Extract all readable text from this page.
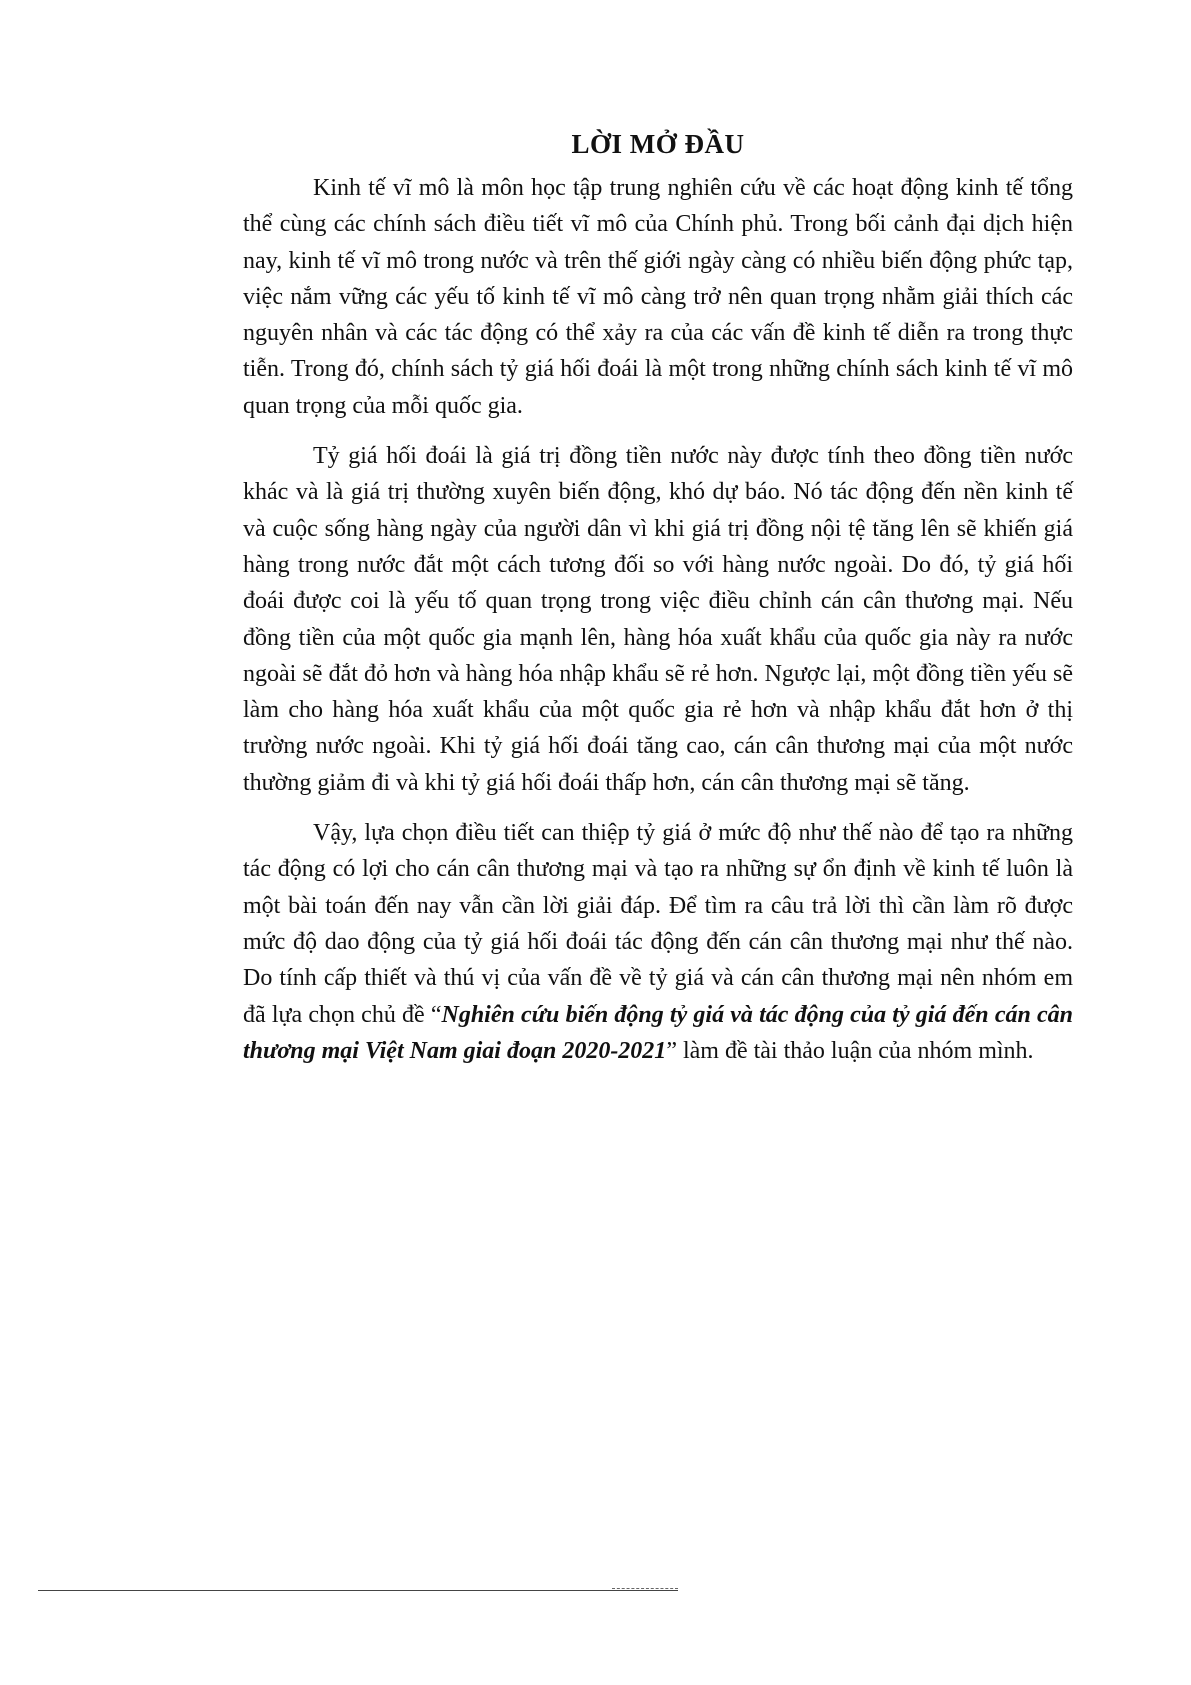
LỜI MỞ ĐẦU

Kinh tế vĩ mô là môn học tập trung nghiên cứu về các hoạt động kinh tế tổng thể cùng các chính sách điều tiết vĩ mô của Chính phủ. Trong bối cảnh đại dịch hiện nay, kinh tế vĩ mô trong nước và trên thế giới ngày càng có nhiều biến động phức tạp, việc nắm vững các yếu tố kinh tế vĩ mô càng trở nên quan trọng nhằm giải thích các nguyên nhân và các tác động có thể xảy ra của các vấn đề kinh tế diễn ra trong thực tiễn. Trong đó, chính sách tỷ giá hối đoái là một trong những chính sách kinh tế vĩ mô quan trọng của mỗi quốc gia.

Tỷ giá hối đoái là giá trị đồng tiền nước này được tính theo đồng tiền nước khác và là giá trị thường xuyên biến động, khó dự báo. Nó tác động đến nền kinh tế và cuộc sống hàng ngày của người dân vì khi giá trị đồng nội tệ tăng lên sẽ khiến giá hàng trong nước đắt một cách tương đối so với hàng nước ngoài. Do đó, tỷ giá hối đoái được coi là yếu tố quan trọng trong việc điều chỉnh cán cân thương mại. Nếu đồng tiền của một quốc gia mạnh lên, hàng hóa xuất khẩu của quốc gia này ra nước ngoài sẽ đắt đỏ hơn và hàng hóa nhập khẩu sẽ rẻ hơn. Ngược lại, một đồng tiền yếu sẽ làm cho hàng hóa xuất khẩu của một quốc gia rẻ hơn và nhập khẩu đắt hơn ở thị trường nước ngoài. Khi tỷ giá hối đoái tăng cao, cán cân thương mại của một nước thường giảm đi và khi tỷ giá hối đoái thấp hơn, cán cân thương mại sẽ tăng.

Vậy, lựa chọn điều tiết can thiệp tỷ giá ở mức độ như thế nào để tạo ra những tác động có lợi cho cán cân thương mại và tạo ra những sự ổn định về kinh tế luôn là một bài toán đến nay vẫn cần lời giải đáp. Để tìm ra câu trả lời thì cần làm rõ được mức độ dao động của tỷ giá hối đoái tác động đến cán cân thương mại như thế nào. Do tính cấp thiết và thú vị của vấn đề về tỷ giá và cán cân thương mại nên nhóm em đã lựa chọn chủ đề “Nghiên cứu biến động tỷ giá và tác động của tỷ giá đến cán cân thương mại Việt Nam giai đoạn 2020-2021” làm đề tài thảo luận của nhóm mình.
